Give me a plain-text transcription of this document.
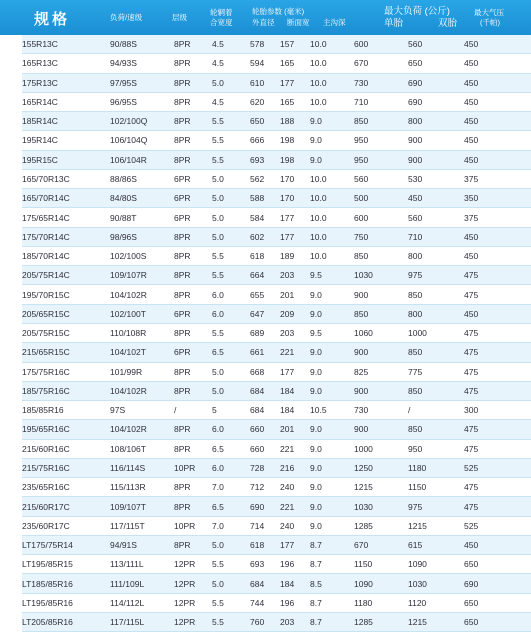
规格	负荷/速级	层级
轮辋着
合宽度
轮胎参数 (毫米)
外直径 断面宽 主沟深
最大负荷 (公斤)
单胎	双胎
最大气压
(千帕)
155R13C	90/88S	8PR	4.5	578	157	10.0	600	560	450
165R13C	94/93S	8PR	4.5	594	165	10.0	670	650	450
175R13C	97/95S	8PR	5.0	610	177	10.0	730	690	450
165R14C	96/95S	8PR	4.5	620	165	10.0	710	690	450
185R14C	102/100Q	8PR	5.5	650	188	9.0	850	800	450
195R14C	106/104Q	8PR	5.5	666	198	9.0	950	900	450
195R15C	106/104R	8PR	5.5	693	198	9.0	950	900	450
165/70R13C	88/86S	6PR	5.0	562	170	10.0	560	530	375
165/70R14C	84/80S	6PR	5.0	588	170	10.0	500	450	350
175/65R14C	90/88T	6PR	5.0	584	177	10.0	600	560	375
175/70R14C	98/96S	8PR	5.0	602	177	10.0	750	710	450
185/70R14C	102/100S	8PR	5.5	618	189	10.0	850	800	450
205/75R14C	109/107R	8PR	5.5	664	203	9.5	1030	975	475
195/70R15C	104/102R	8PR	6.0	655	201	9.0	900	850	475
205/65R15C	102/100T	6PR	6.0	647	209	9.0	850	800	450
205/75R15C	110/108R	8PR	5.5	689	203	9.5	1060	1000	475
215/65R15C	104/102T	6PR	6.5	661	221	9.0	900	850	475
175/75R16C	101/99R	8PR	5.0	668	177	9.0	825	775	475
185/75R16C	104/102R	8PR	5.0	684	184	9.0	900	850	475
185/85R16	97S	/	5	684	184	10.5	730	/	300
195/65R16C	104/102R	8PR	6.0	660	201	9.0	900	850	475
215/60R16C	108/106T	8PR	6.5	660	221	9.0	1000	950	475
215/75R16C	116/114S	10PR	6.0	728	216	9.0	1250	1180	525
235/65R16C	115/113R	8PR	7.0	712	240	9.0	1215	1150	475
215/60R17C	109/107T	8PR	6.5	690	221	9.0	1030	975	475
235/60R17C	117/115T	10PR	7.0	714	240	9.0	1285	1215	525
LT175/75R14	94/91S	8PR	5.0	618	177	8.7	670	615	450
LT195/85R15	113/111L	12PR	5.5	693	196	8.7	1150	1090	650
LT185/85R16	111/109L	12PR	5.0	684	184	8.5	1090	1030	690
LT195/85R16	114/112L	12PR	5.5	744	196	8.7	1180	1120	650
LT205/85R16	117/115L	12PR	5.5	760	203	8.7	1285	1215	650
